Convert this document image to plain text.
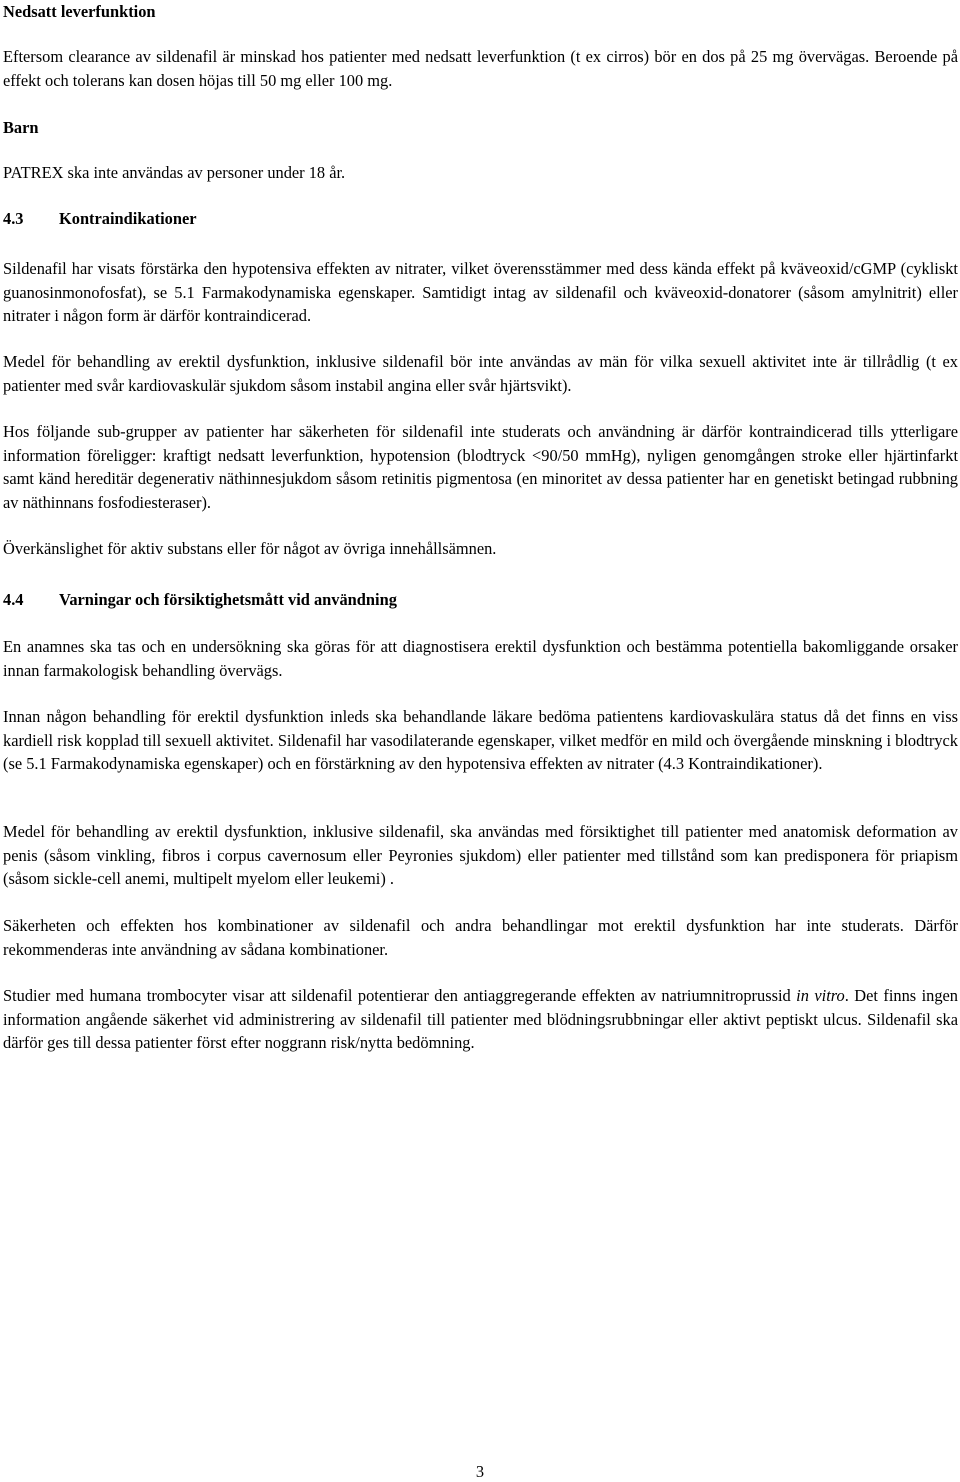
Nedsatt leverfunktion

Eftersom clearance av sildenafil är minskad hos patienter med nedsatt leverfunktion (t ex cirros) bör en dos på 25 mg övervägas. Beroende på effekt och tolerans kan dosen höjas till 50 mg eller 100 mg.

Barn

PATREX ska inte användas av personer under 18 år.

4.3 Kontraindikationer

Sildenafil har visats förstärka den hypotensiva effekten av nitrater, vilket överensstämmer med dess kända effekt på kväveoxid/cGMP (cykliskt guanosinmonofosfat), se 5.1 Farmakodynamiska egenskaper. Samtidigt intag av sildenafil och kväveoxid-donatorer (såsom amylnitrit) eller nitrater i någon form är därför kontraindicerad.

Medel för behandling av erektil dysfunktion, inklusive sildenafil bör inte användas av män för vilka sexuell aktivitet inte är tillrådlig (t ex patienter med svår kardiovaskulär sjukdom såsom instabil angina eller svår hjärtsvikt).

Hos följande sub-grupper av patienter har säkerheten för sildenafil inte studerats och användning är därför kontraindicerad tills ytterligare information föreligger: kraftigt nedsatt leverfunktion, hypotension (blodtryck <90/50 mmHg), nyligen genomgången stroke eller hjärtinfarkt samt känd hereditär degenerativ näthinnesjukdom såsom retinitis pigmentosa (en minoritet av dessa patienter har en genetiskt betingad rubbning av näthinnans fosfodiesteraser).

Överkänslighet för aktiv substans eller för något av övriga innehållsämnen.

4.4 Varningar och försiktighetsmått vid användning

En anamnes ska tas och en undersökning ska göras för att diagnostisera erektil dysfunktion och bestämma potentiella bakomliggande orsaker innan farmakologisk behandling övervägs.

Innan någon behandling för erektil dysfunktion inleds ska behandlande läkare bedöma patientens kardiovaskulära status då det finns en viss kardiell risk kopplad till sexuell aktivitet. Sildenafil har vasodilaterande egenskaper, vilket medför en mild och övergående minskning i blodtryck (se 5.1 Farmakodynamiska egenskaper) och en förstärkning av den hypotensiva effekten av nitrater (4.3 Kontraindikationer).

Medel för behandling av erektil dysfunktion, inklusive sildenafil, ska användas med försiktighet till patienter med anatomisk deformation av penis (såsom vinkling, fibros i corpus cavernosum eller Peyronies sjukdom) eller patienter med tillstånd som kan predisponera för priapism (såsom sickle-cell anemi, multipelt myelom eller leukemi) .

Säkerheten och effekten hos kombinationer av sildenafil och andra behandlingar mot erektil dysfunktion har inte studerats. Därför rekommenderas inte användning av sådana kombinationer.

Studier med humana trombocyter visar att sildenafil potentierar den antiaggregerande effekten av natriumnitroprussid in vitro. Det finns ingen information angående säkerhet vid administrering av sildenafil till patienter med blödningsrubbningar eller aktivt peptiskt ulcus. Sildenafil ska därför ges till dessa patienter först efter noggrann risk/nytta bedömning.

3
